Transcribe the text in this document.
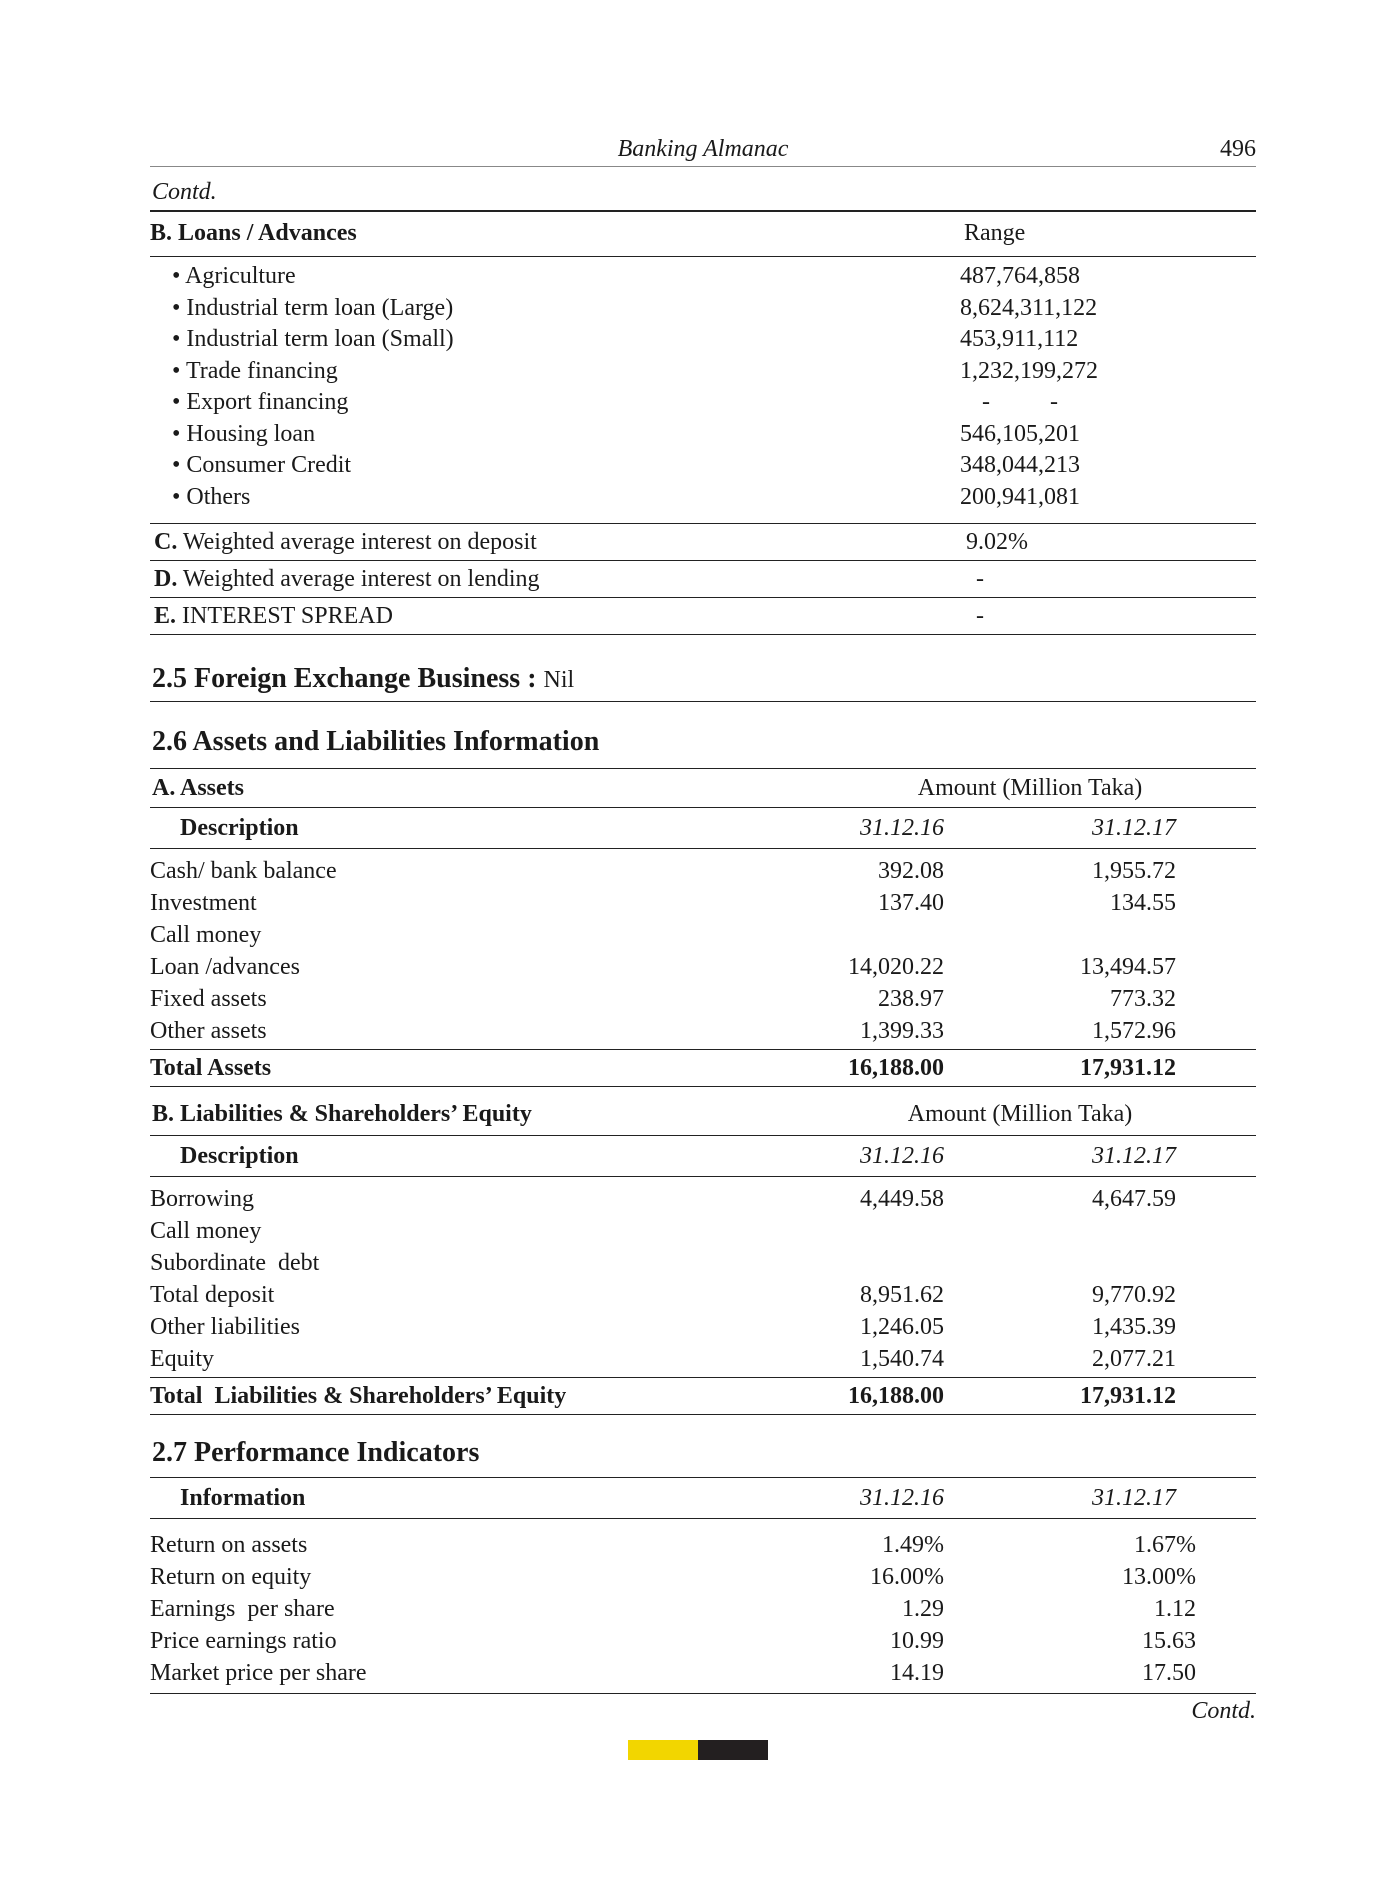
Banking Almanac	496
Contd.
B. Loans / Advances	Range
• Agriculture	487,764,858
• Industrial term loan (Large)	8,624,311,122
• Industrial term loan (Small)	453,911,112
• Trade financing	1,232,199,272
• Export financing	-          -
• Housing loan	546,105,201
• Consumer Credit	348,044,213
• Others	200,941,081
C. Weighted average interest on deposit	9.02%
D. Weighted average interest on lending	-
E. INTEREST SPREAD	-
2.5 Foreign Exchange Business : Nil
2.6 Assets and Liabilities Information
A. Assets	Amount (Million Taka)
Description	31.12.16	31.12.17
Cash/ bank balance	392.08	1,955.72
Investment	137.40	134.55
Call money
Loan /advances	14,020.22	13,494.57
Fixed assets	238.97	773.32
Other assets	1,399.33	1,572.96
Total Assets	16,188.00	17,931.12
B. Liabilities & Shareholders’ Equity	Amount (Million Taka)
Description	31.12.16	31.12.17
Borrowing	4,449.58	4,647.59
Call money
Subordinate  debt
Total deposit	8,951.62	9,770.92
Other liabilities	1,246.05	1,435.39
Equity	1,540.74	2,077.21
Total  Liabilities & Shareholders’ Equity	16,188.00	17,931.12
2.7 Performance Indicators
Information	31.12.16	31.12.17
Return on assets	1.49%	1.67%
Return on equity	16.00%	13.00%
Earnings  per share	1.29	1.12
Price earnings ratio	10.99	15.63
Market price per share	14.19	17.50
Contd.
